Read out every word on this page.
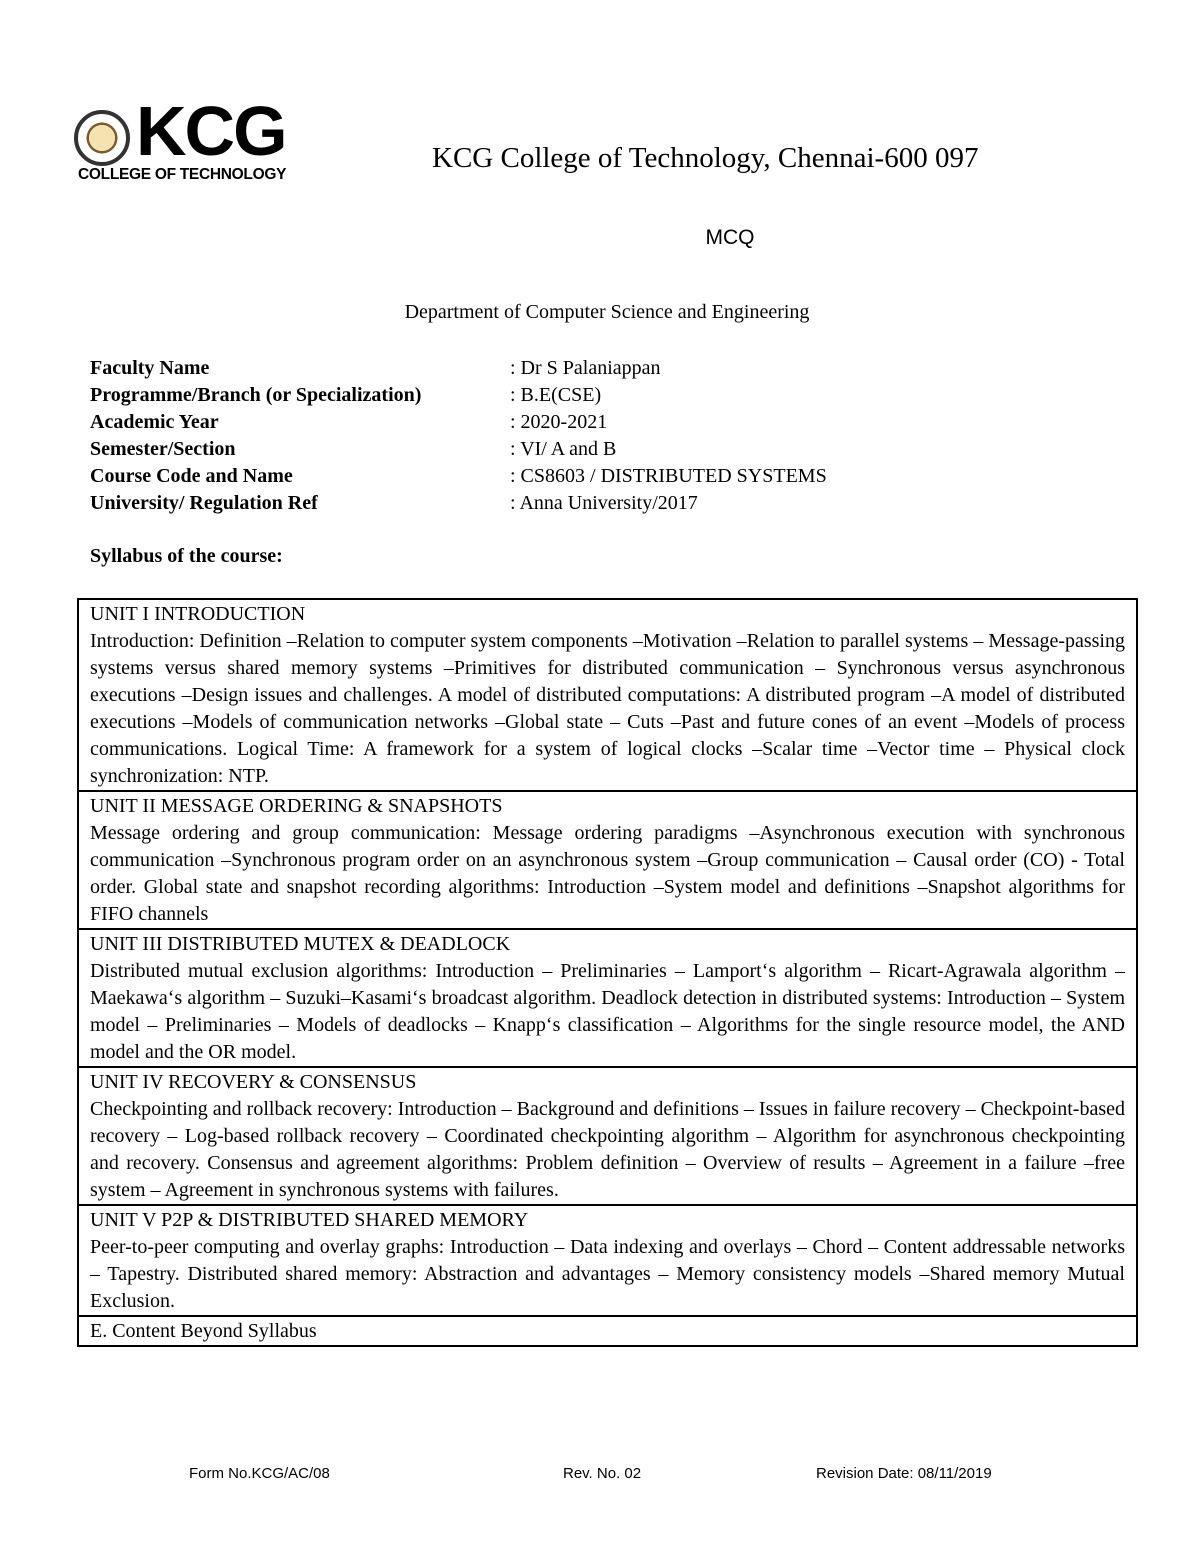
KCG
COLLEGE OF TECHNOLOGY
KCG College of Technology, Chennai-600 097
MCQ
Department of Computer Science and Engineering
Faculty Name	: Dr S Palaniappan
Programme/Branch (or Specialization)	: B.E(CSE)
Academic Year	: 2020-2021
Semester/Section	: VI/ A and B
Course Code and Name	: CS8603 / DISTRIBUTED SYSTEMS
University/ Regulation Ref	: Anna University/2017
Syllabus of the course:
UNIT I INTRODUCTION
Introduction: Definition –Relation to computer system components –Motivation –Relation to parallel systems – Message-passing systems versus shared memory systems –Primitives for distributed communication – Synchronous versus asynchronous executions –Design issues and challenges. A model of distributed computations: A distributed program –A model of distributed executions –Models of communication networks –Global state – Cuts –Past and future cones of an event –Models of process communications. Logical Time: A framework for a system of logical clocks –Scalar time –Vector time – Physical clock synchronization: NTP.
UNIT II MESSAGE ORDERING & SNAPSHOTS
Message ordering and group communication: Message ordering paradigms –Asynchronous execution with synchronous communication –Synchronous program order on an asynchronous system –Group communication – Causal order (CO) - Total order. Global state and snapshot recording algorithms: Introduction –System model and definitions –Snapshot algorithms for FIFO channels
UNIT III DISTRIBUTED MUTEX & DEADLOCK
Distributed mutual exclusion algorithms: Introduction – Preliminaries – Lamport‘s algorithm – Ricart-Agrawala algorithm – Maekawa‘s algorithm – Suzuki–Kasami‘s broadcast algorithm. Deadlock detection in distributed systems: Introduction – System model – Preliminaries – Models of deadlocks – Knapp‘s classification – Algorithms for the single resource model, the AND model and the OR model.
UNIT IV RECOVERY & CONSENSUS
Checkpointing and rollback recovery: Introduction – Background and definitions – Issues in failure recovery – Checkpoint-based recovery – Log-based rollback recovery – Coordinated checkpointing algorithm – Algorithm for asynchronous checkpointing and recovery. Consensus and agreement algorithms: Problem definition – Overview of results – Agreement in a failure –free system – Agreement in synchronous systems with failures.
UNIT V P2P & DISTRIBUTED SHARED MEMORY
Peer-to-peer computing and overlay graphs: Introduction – Data indexing and overlays – Chord – Content addressable networks – Tapestry. Distributed shared memory: Abstraction and advantages – Memory consistency models –Shared memory Mutual Exclusion.
E. Content Beyond Syllabus
Form No.KCG/AC/08	Rev. No. 02	Revision Date: 08/11/2019
